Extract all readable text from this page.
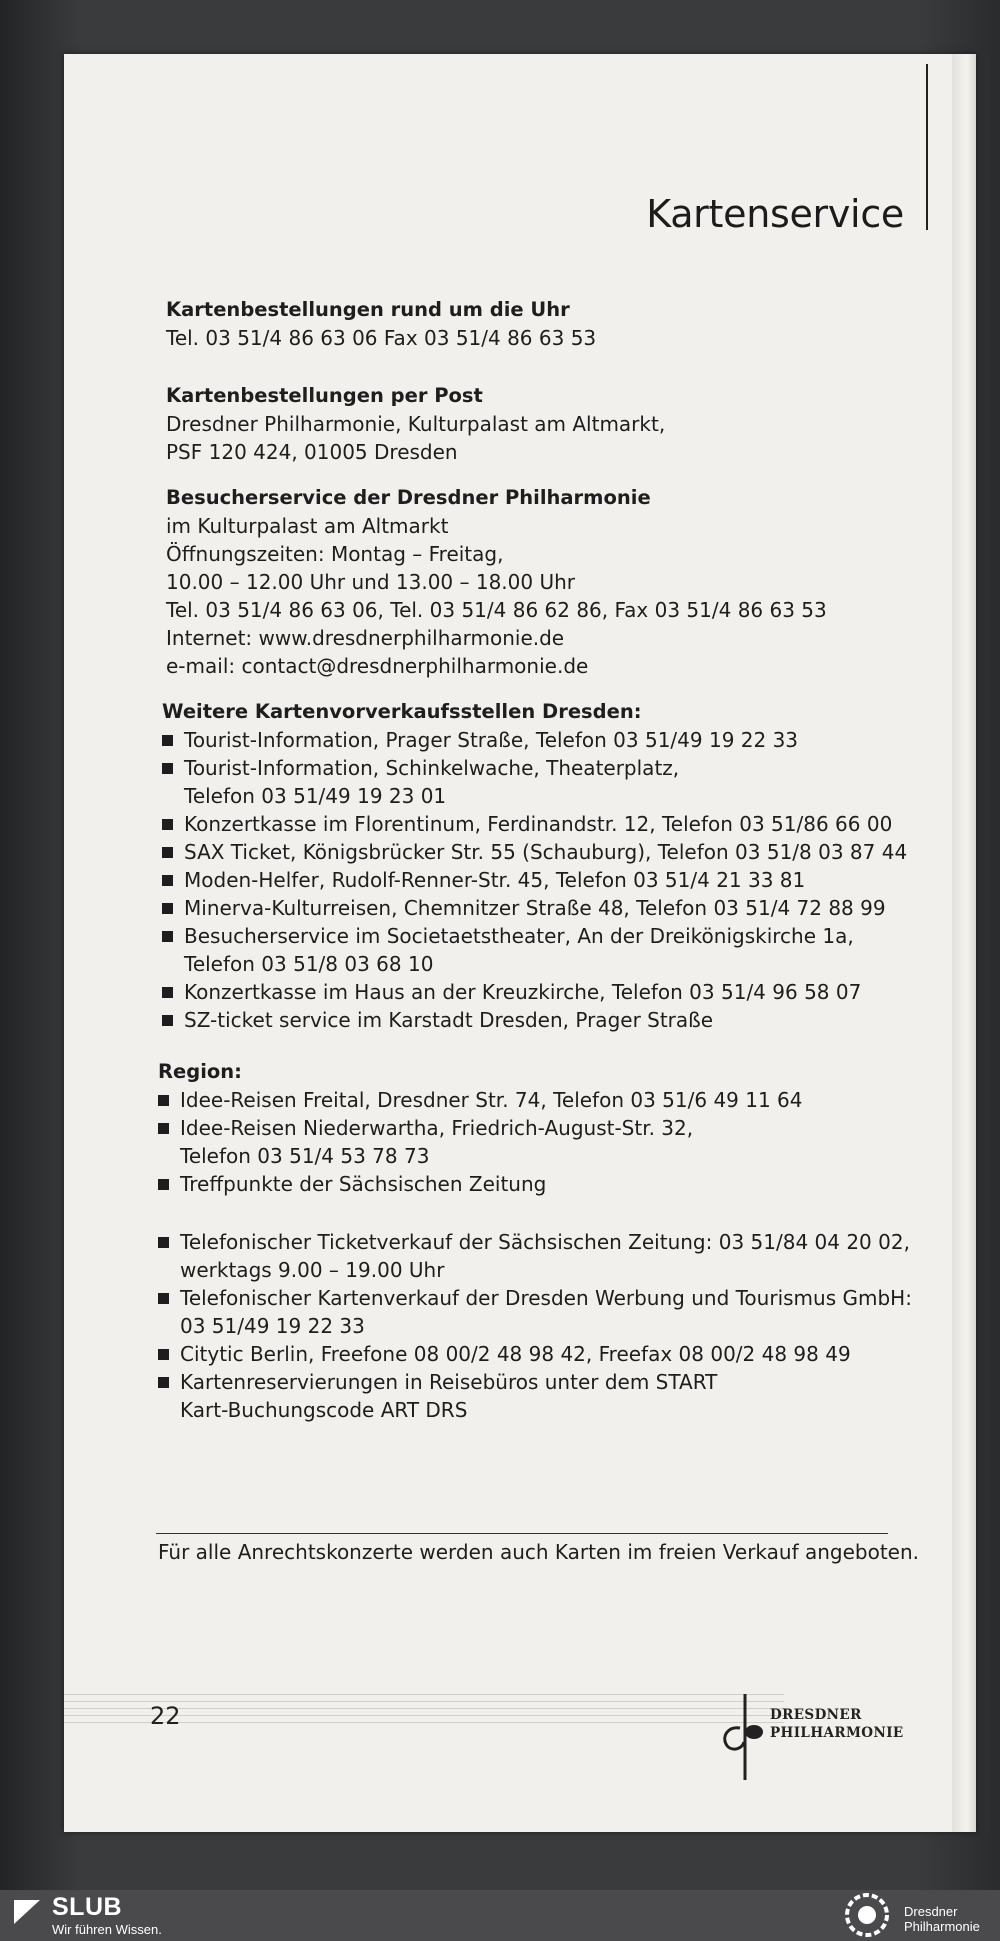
Kartenservice
Kartenbestellungen rund um die Uhr
Tel. 03 51/4 86 63 06 Fax 03 51/4 86 63 53
Kartenbestellungen per Post
Dresdner Philharmonie, Kulturpalast am Altmarkt,
PSF 120 424, 01005 Dresden
Besucherservice der Dresdner Philharmonie
im Kulturpalast am Altmarkt
Öffnungszeiten: Montag – Freitag,
10.00 – 12.00 Uhr und 13.00 – 18.00 Uhr
Tel. 03 51/4 86 63 06, Tel. 03 51/4 86 62 86, Fax 03 51/4 86 63 53
Internet: www.dresdnerphilharmonie.de
e-mail: contact@dresdnerphilharmonie.de
Weitere Kartenvorverkaufsstellen Dresden:
Tourist-Information, Prager Straße, Telefon 03 51/49 19 22 33
Tourist-Information, Schinkelwache, Theaterplatz,
Telefon 03 51/49 19 23 01
Konzertkasse im Florentinum, Ferdinandstr. 12, Telefon 03 51/86 66 00
SAX Ticket, Königsbrücker Str. 55 (Schauburg), Telefon 03 51/8 03 87 44
Moden-Helfer, Rudolf-Renner-Str. 45, Telefon 03 51/4 21 33 81
Minerva-Kulturreisen, Chemnitzer Straße 48, Telefon 03 51/4 72 88 99
Besucherservice im Societaetstheater, An der Dreikönigskirche 1a,
Telefon 03 51/8 03 68 10
Konzertkasse im Haus an der Kreuzkirche, Telefon 03 51/4 96 58 07
SZ-ticket service im Karstadt Dresden, Prager Straße
Region:
Idee-Reisen Freital, Dresdner Str. 74, Telefon 03 51/6 49 11 64
Idee-Reisen Niederwartha, Friedrich-August-Str. 32,
Telefon 03 51/4 53 78 73
Treffpunkte der Sächsischen Zeitung
Telefonischer Ticketverkauf der Sächsischen Zeitung: 03 51/84 04 20 02,
werktags 9.00 – 19.00 Uhr
Telefonischer Kartenverkauf der Dresden Werbung und Tourismus GmbH:
03 51/49 19 22 33
Citytic Berlin, Freefone 08 00/2 48 98 42, Freefax 08 00/2 48 98 49
Kartenreservierungen in Reisebüros unter dem START
Kart-Buchungscode ART DRS
Für alle Anrechtskonzerte werden auch Karten im freien Verkauf angeboten.
22	DRESDNER
PHILHARMONIE
SLUB
Wir führen Wissen.
Dresdner
Philharmonie
